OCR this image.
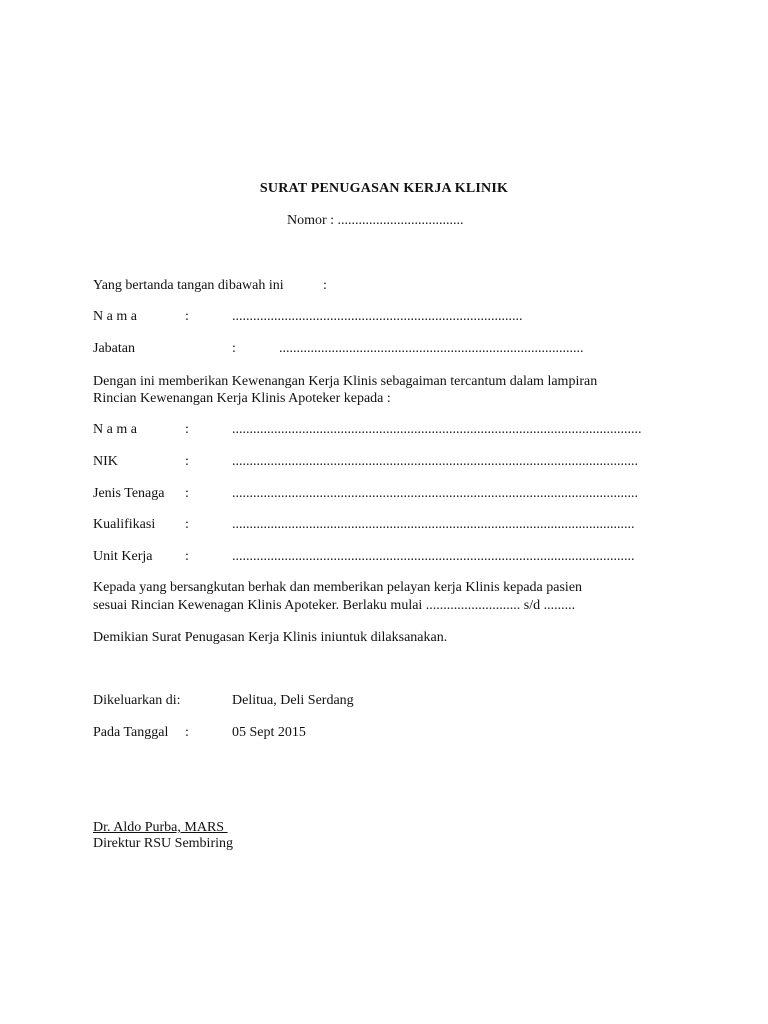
SURAT PENUGASAN KERJA KLINIK
Nomor : ....................................
Yang bertanda tangan dibawah ini	:
N a m a	:	...................................................................................
Jabatan	:	.......................................................................................
Dengan ini memberikan Kewenangan Kerja Klinis sebagaiman tercantum dalam lampiran
Rincian Kewenangan Kerja Klinis Apoteker kepada :
N a m a	:	.....................................................................................................................
NIK	:	....................................................................................................................
Jenis Tenaga :	....................................................................................................................
Kualifikasi :	...................................................................................................................
Unit Kerja :	...................................................................................................................
Kepada yang bersangkutan berhak dan memberikan pelayan kerja Klinis kepada pasien
sesuai Rincian Kewenagan Klinis Apoteker. Berlaku mulai ........................... s/d .........
Demikian Surat Penugasan Kerja Klinis iniuntuk dilaksanakan.
Dikeluarkan di:	Delitua, Deli Serdang
Pada Tanggal :	05 Sept 2015
Dr. Aldo Purba, MARS
Direktur RSU Sembiring
